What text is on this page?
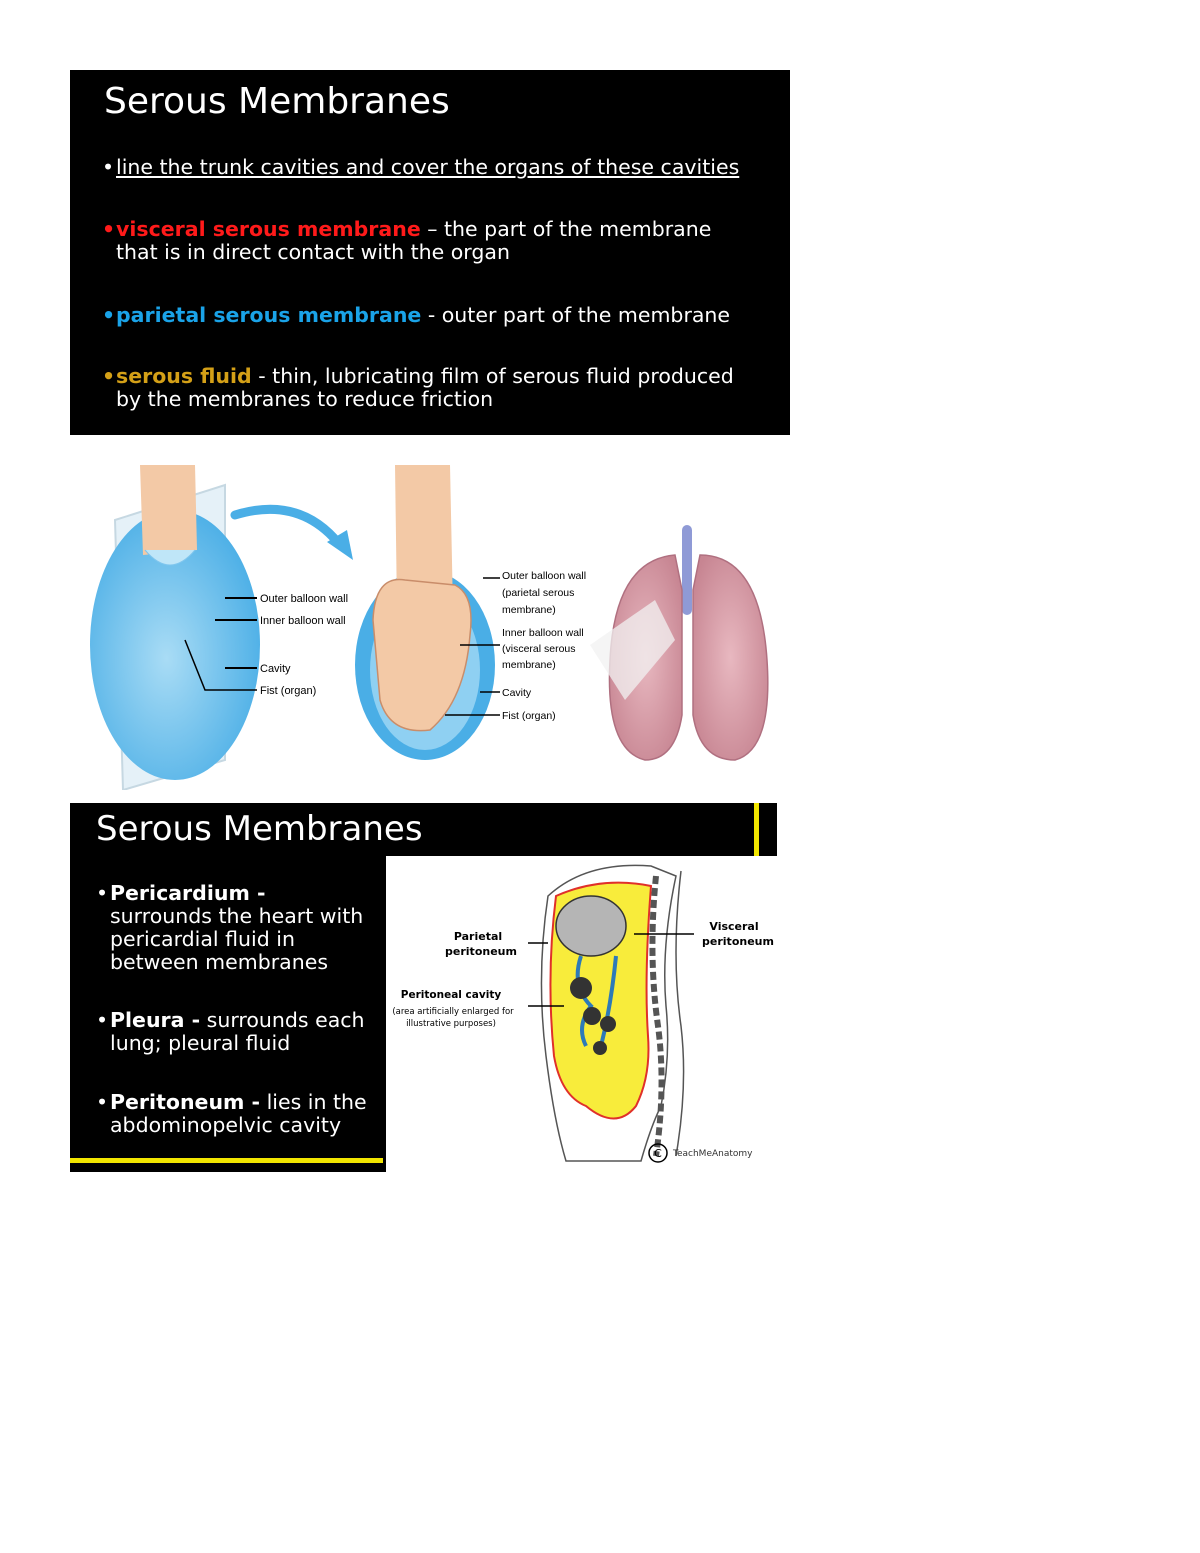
Serous Membranes
•line the trunk cavities and cover the organs of these cavities
•visceral serous membrane – the part of the membrane
that is in direct contact with the organ
•parietal serous membrane - outer part of the membrane
•serous fluid - thin, lubricating film of serous fluid produced
by the membranes to reduce friction
Outer balloon wall
Inner balloon wall
Cavity
Fist (organ)
Outer balloon wall
(parietal serous
membrane)
Inner balloon wall
(visceral serous
membrane)
Cavity
Fist (organ)
Serous Membranes
•Pericardium -
surrounds the heart with
pericardial fluid in
between membranes
•Pleura - surrounds each
lung; pleural fluid
•Peritoneum - lies in the
abdominopelvic cavity
Parietal
peritoneum
Visceral
peritoneum
Peritoneal cavity
(area artificially enlarged for
illustrative purposes)
C TeachMeAnatomy
